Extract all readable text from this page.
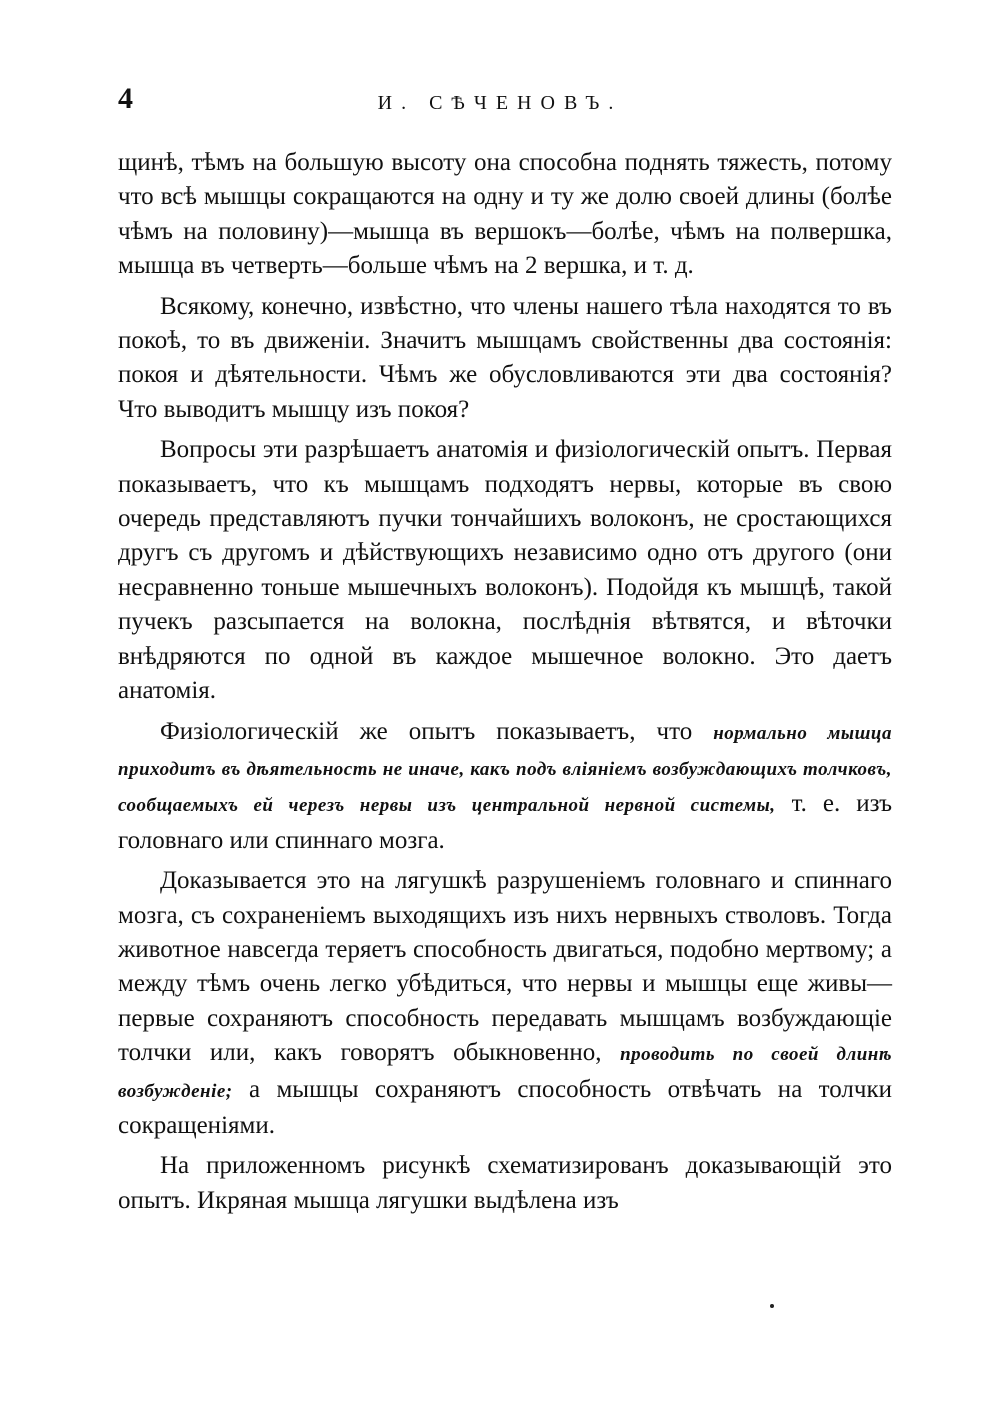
4	И. СѢЧЕНОВЪ.

щинѣ, тѣмъ на большую высоту она способна поднять тяжесть, потому что всѣ мышцы сокращаются на одну и ту же долю своей длины (болѣе чѣмъ на половину)—мышца въ вершокъ—болѣе, чѣмъ на полвершка, мышца въ четверть—больше чѣмъ на 2 вершка, и т. д.

Всякому, конечно, извѣстно, что члены нашего тѣла находятся то въ покоѣ, то въ движеніи. Значитъ мышцамъ свойственны два состоянія: покоя и дѣятельности. Чѣмъ же обусловливаются эти два состоянія? Что выводитъ мышцу изъ покоя?

Вопросы эти разрѣшаетъ анатомія и физіологическій опытъ. Первая показываетъ, что къ мышцамъ подходятъ нервы, которые въ свою очередь представляютъ пучки тончайшихъ волоконъ, не сростающихся другъ съ другомъ и дѣйствующихъ независимо одно отъ другого (они несравненно тоньше мышечныхъ волоконъ). Подойдя къ мышцѣ, такой пучекъ разсыпается на волокна, послѣднія вѣтвятся, и вѣточки внѣдряются по одной въ каждое мышечное волокно. Это даетъ анатомія.

Физіологическій же опытъ показываетъ, что нормально мышца приходитъ въ дѣятельность не иначе, какъ подъ вліяніемъ возбуждающихъ толчковъ, сообщаемыхъ ей черезъ нервы изъ центральной нервной системы, т. е. изъ головнаго или спиннаго мозга.

Доказывается это на лягушкѣ разрушеніемъ головнаго и спиннаго мозга, съ сохраненіемъ выходящихъ изъ нихъ нервныхъ стволовъ. Тогда животное навсегда теряетъ способность двигаться, подобно мертвому; а между тѣмъ очень легко убѣдиться, что нервы и мышцы еще живы—первые сохраняютъ способность передавать мышцамъ возбуждающіе толчки или, какъ говорятъ обыкновенно, проводить по своей длинѣ возбужденіе; а мышцы сохраняютъ способность отвѣчать на толчки сокращеніями.

На приложенномъ рисункѣ схематизированъ доказывающій это опытъ. Икряная мышца лягушки выдѣлена изъ
